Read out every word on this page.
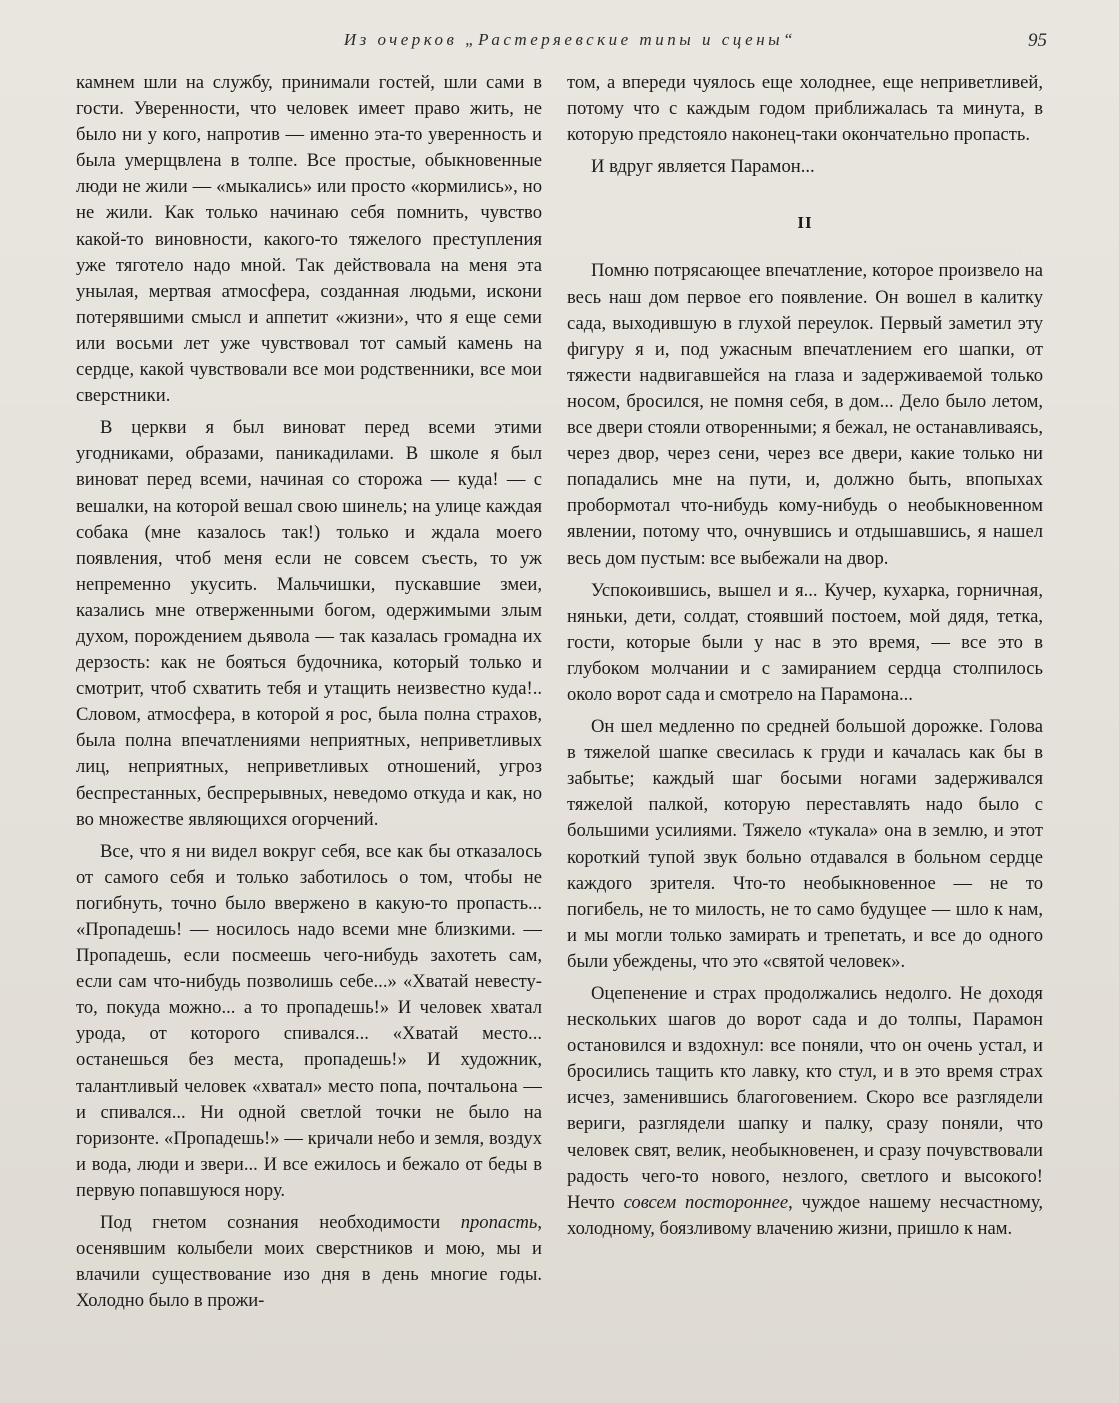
Из очерков „Растеряевские типы и сцены“	95

камнем шли на службу, принимали гостей, шли сами в гости. Уверенности, что человек имеет право жить, не было ни у кого, напротив — именно эта-то уверенность и была умерщвлена в толпе. Все простые, обыкновенные люди не жили — «мыкались» или просто «кормились», но не жили. Как только начинаю себя помнить, чувство какой-то виновности, какого-то тяжелого преступления уже тяготело надо мной. Так действовала на меня эта унылая, мертвая атмосфера, созданная людьми, искони потерявшими смысл и аппетит «жизни», что я еще семи или восьми лет уже чувствовал тот самый камень на сердце, какой чувствовали все мои родственники, все мои сверстники.

В церкви я был виноват перед всеми этими угодниками, образами, паникадилами. В школе я был виноват перед всеми, начиная со сторожа — куда! — с вешалки, на которой вешал свою шинель; на улице каждая собака (мне казалось так!) только и ждала моего появления, чтоб меня если не совсем съесть, то уж непременно укусить. Мальчишки, пускавшие змеи, казались мне отверженными богом, одержимыми злым духом, порождением дьявола — так казалась громадна их дерзость: как не бояться будочника, который только и смотрит, чтоб схватить тебя и утащить неизвестно куда!.. Словом, атмосфера, в которой я рос, была полна страхов, была полна впечатлениями неприятных, неприветливых лиц, неприятных, неприветливых отношений, угроз беспрестанных, беспрерывных, неведомо откуда и как, но во множестве являющихся огорчений.

Все, что я ни видел вокруг себя, все как бы отказалось от самого себя и только заботилось о том, чтобы не погибнуть, точно было ввержено в какую-то пропасть... «Пропадешь! — носилось надо всеми мне близкими. — Пропадешь, если посмеешь чего-нибудь захотеть сам, если сам что-нибудь позволишь себе...» «Хватай невесту-то, покуда можно... а то пропадешь!» И человек хватал урода, от которого спивался... «Хватай место... останешься без места, пропадешь!» И художник, талантливый человек «хватал» место попа, почтальона — и спивался... Ни одной светлой точки не было на горизонте. «Пропадешь!» — кричали небо и земля, воздух и вода, люди и звери... И все ежилось и бежало от беды в первую попавшуюся нору.

Под гнетом сознания необходимости пропасть, осенявшим колыбели моих сверстников и мою, мы и влачили существование изо дня в день многие годы. Холодно было в прожи-

том, а впереди чуялось еще холоднее, еще неприветливей, потому что с каждым годом приближалась та минута, в которую предстояло наконец-таки окончательно пропасть.

И вдруг является Парамон...

II

Помню потрясающее впечатление, которое произвело на весь наш дом первое его появление. Он вошел в калитку сада, выходившую в глухой переулок. Первый заметил эту фигуру я и, под ужасным впечатлением его шапки, от тяжести надвигавшейся на глаза и задерживаемой только носом, бросился, не помня себя, в дом... Дело было летом, все двери стояли отворенными; я бежал, не останавливаясь, через двор, через сени, через все двери, какие только ни попадались мне на пути, и, должно быть, впопыхах пробормотал что-нибудь кому-нибудь о необыкновенном явлении, потому что, очнувшись и отдышавшись, я нашел весь дом пустым: все выбежали на двор.

Успокоившись, вышел и я... Кучер, кухарка, горничная, няньки, дети, солдат, стоявший постоем, мой дядя, тетка, гости, которые были у нас в это время, — все это в глубоком молчании и с замиранием сердца столпилось около ворот сада и смотрело на Парамона...

Он шел медленно по средней большой дорожке. Голова в тяжелой шапке свесилась к груди и качалась как бы в забытье; каждый шаг босыми ногами задерживался тяжелой палкой, которую переставлять надо было с большими усилиями. Тяжело «тукала» она в землю, и этот короткий тупой звук больно отдавался в больном сердце каждого зрителя. Что-то необыкновенное — не то погибель, не то милость, не то само будущее — шло к нам, и мы могли только замирать и трепетать, и все до одного были убеждены, что это «святой человек».

Оцепенение и страх продолжались недолго. Не доходя нескольких шагов до ворот сада и до толпы, Парамон остановился и вздохнул: все поняли, что он очень устал, и бросились тащить кто лавку, кто стул, и в это время страх исчез, заменившись благоговением. Скоро все разглядели вериги, разглядели шапку и палку, сразу поняли, что человек свят, велик, необыкновенен, и сразу почувствовали радость чего-то нового, незлого, светлого и высокого! Нечто совсем постороннее, чуждое нашему несчастному, холодному, боязливому влачению жизни, пришло к нам.
